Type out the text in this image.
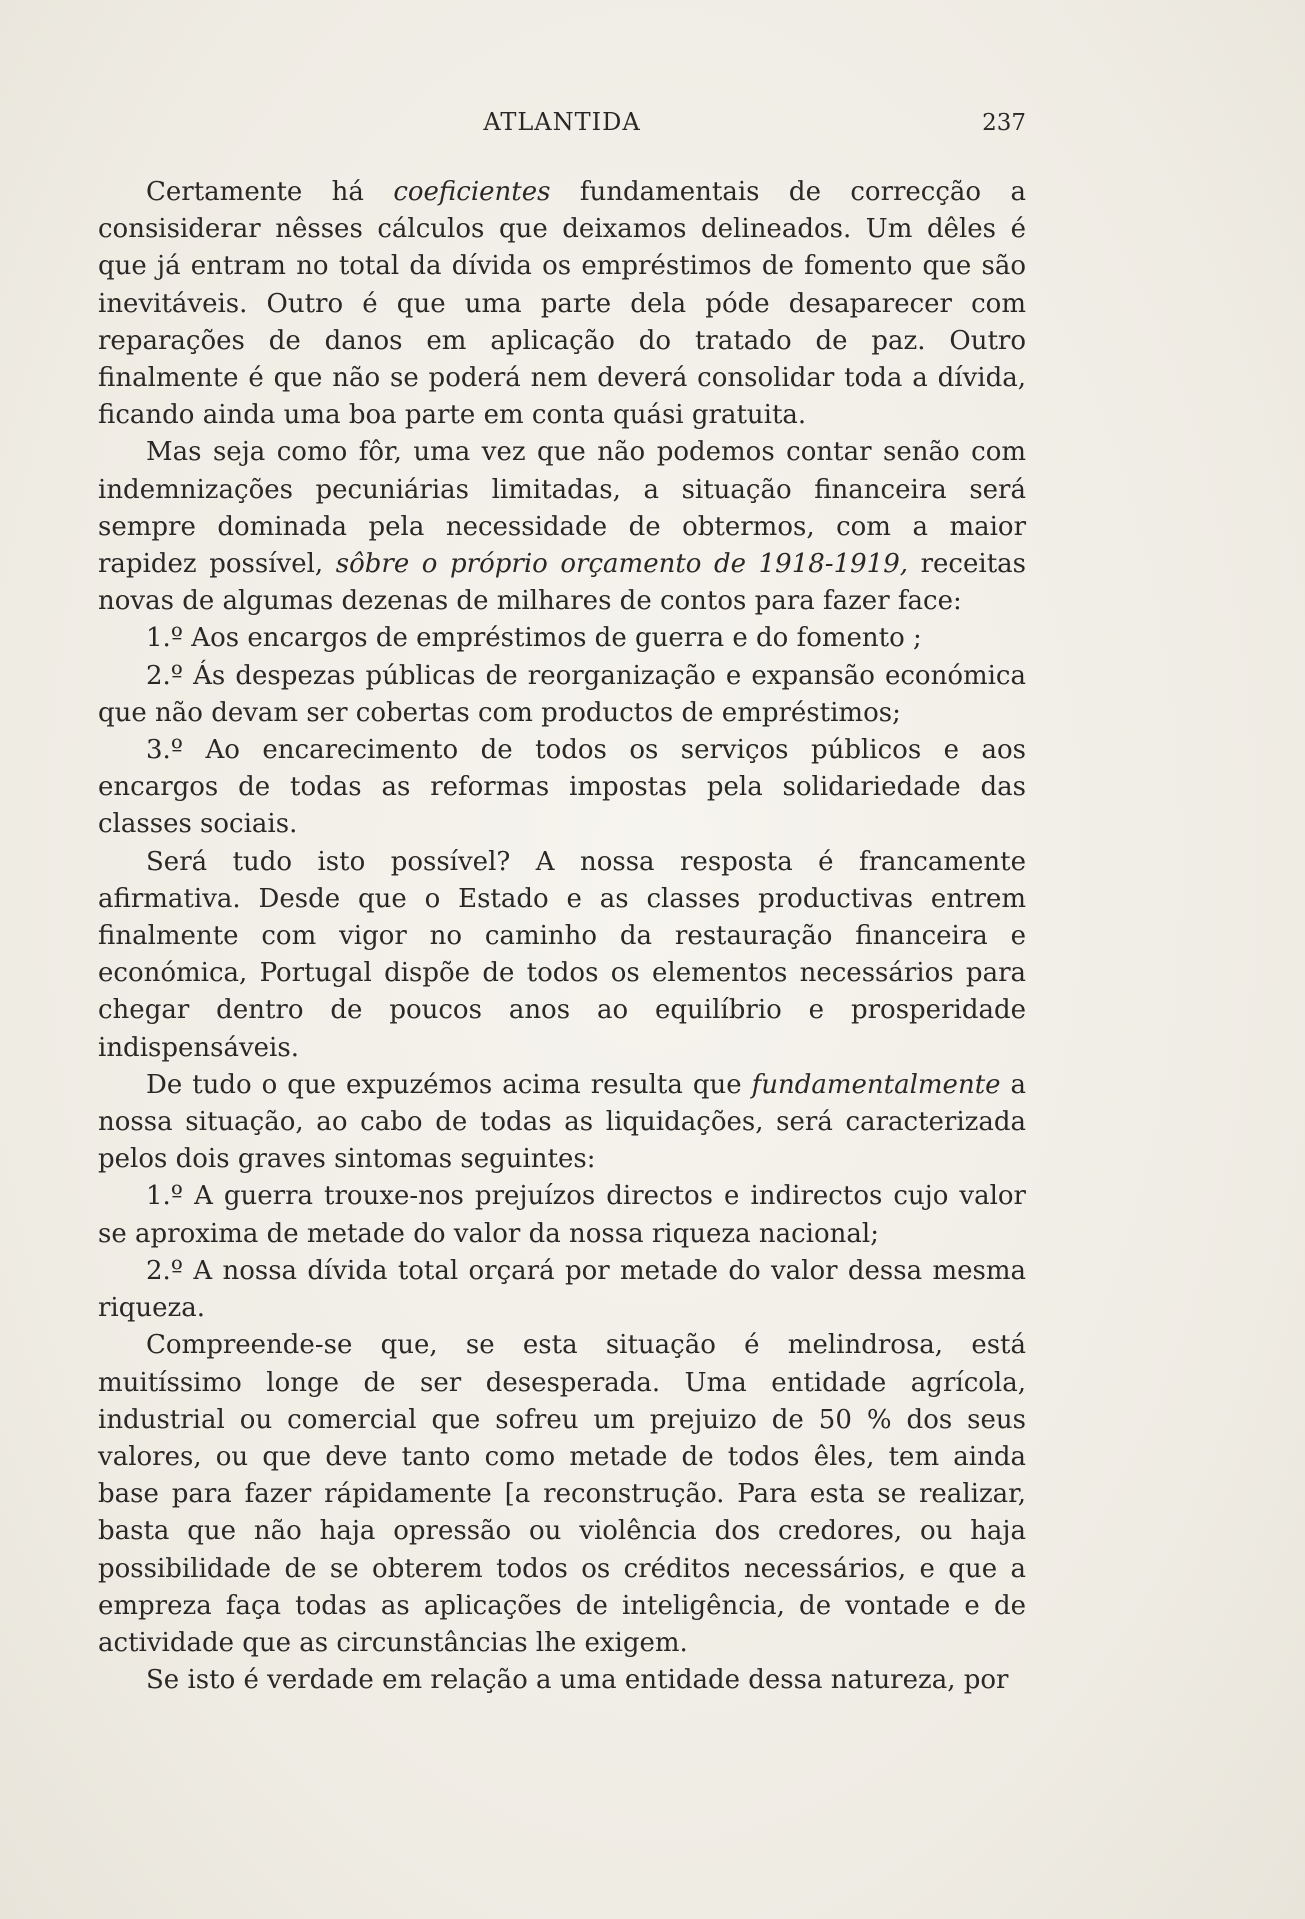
ATLANTIDA	237

Certamente há coeficientes fundamentais de correcção a consisiderar nêsses cálculos que deixamos delineados. Um dêles é que já entram no total da dívida os empréstimos de fomento que são inevitáveis. Outro é que uma parte dela póde desaparecer com reparações de danos em aplicação do tratado de paz. Outro finalmente é que não se poderá nem deverá consolidar toda a dívida, ficando ainda uma boa parte em conta quási gratuita.

Mas seja como fôr, uma vez que não podemos contar senão com indemnizações pecuniárias limitadas, a situação financeira será sempre dominada pela necessidade de obtermos, com a maior rapidez possível, sôbre o próprio orçamento de 1918-1919, receitas novas de algumas dezenas de milhares de contos para fazer face:

1.º Aos encargos de empréstimos de guerra e do fomento ;

2.º Ás despezas públicas de reorganização e expansão económica que não devam ser cobertas com productos de empréstimos;

3.º Ao encarecimento de todos os serviços públicos e aos encargos de todas as reformas impostas pela solidariedade das classes sociais.

Será tudo isto possível? A nossa resposta é francamente afirmativa. Desde que o Estado e as classes productivas entrem finalmente com vigor no caminho da restauração financeira e económica, Portugal dispõe de todos os elementos necessários para chegar dentro de poucos anos ao equilíbrio e prosperidade indispensáveis.

De tudo o que expuzémos acima resulta que fundamentalmente a nossa situação, ao cabo de todas as liquidações, será caracterizada pelos dois graves sintomas seguintes:

1.º A guerra trouxe-nos prejuízos directos e indirectos cujo valor se aproxima de metade do valor da nossa riqueza nacional;

2.º A nossa dívida total orçará por metade do valor dessa mesma riqueza.

Compreende-se que, se esta situação é melindrosa, está muitíssimo longe de ser desesperada. Uma entidade agrícola, industrial ou comercial que sofreu um prejuizo de 50 % dos seus valores, ou que deve tanto como metade de todos êles, tem ainda base para fazer rápidamente [a reconstrução. Para esta se realizar, basta que não haja opressão ou violência dos credores, ou haja possibilidade de se obterem todos os créditos necessários, e que a empreza faça todas as aplicações de inteligência, de vontade e de actividade que as circunstâncias lhe exigem.

Se isto é verdade em relação a uma entidade dessa natureza, por
